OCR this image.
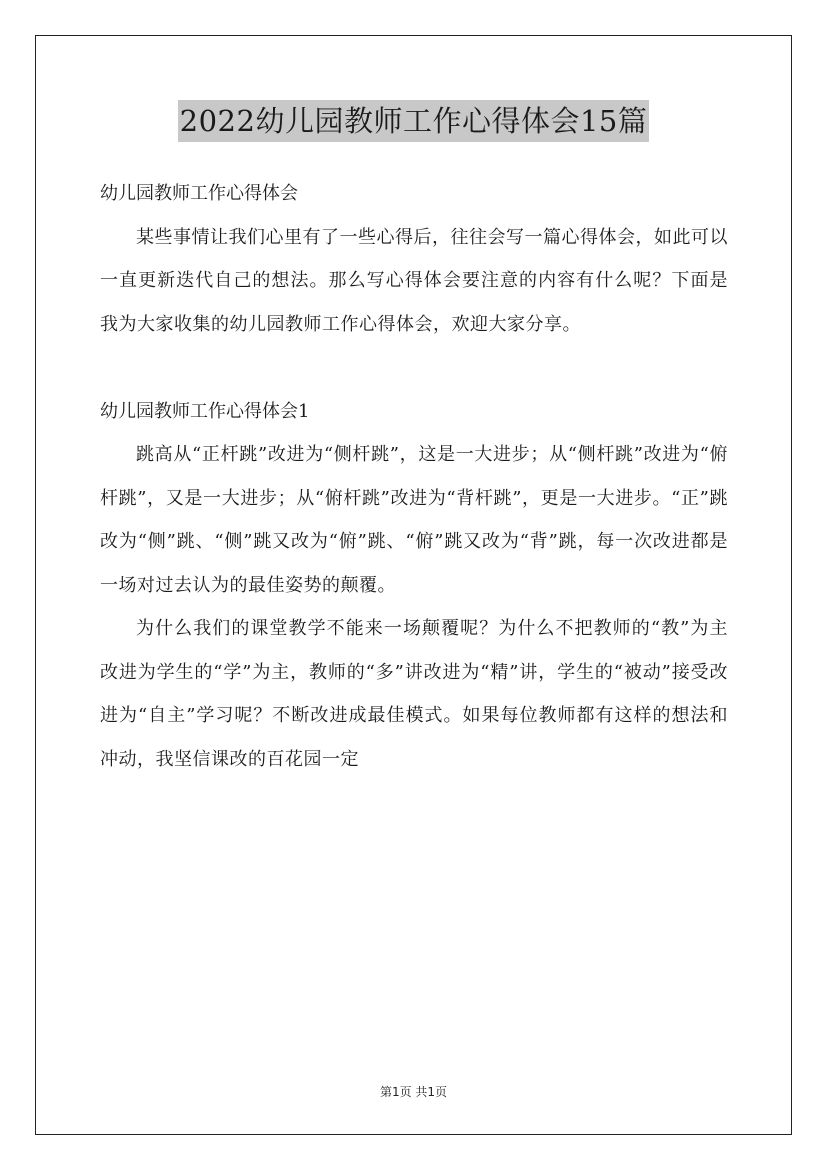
2022幼儿园教师工作心得体会15篇

幼儿园教师工作心得体会

某些事情让我们心里有了一些心得后，往往会写一篇心得体会，如此可以一直更新迭代自己的想法。那么写心得体会要注意的内容有什么呢？下面是我为大家收集的幼儿园教师工作心得体会，欢迎大家分享。

幼儿园教师工作心得体会1

跳高从“正杆跳”改进为“侧杆跳”，这是一大进步；从“侧杆跳”改进为“俯杆跳”，又是一大进步；从“俯杆跳”改进为“背杆跳”，更是一大进步。“正”跳改为“侧”跳、“侧”跳又改为“俯”跳、“俯”跳又改为“背”跳，每一次改进都是一场对过去认为的最佳姿势的颠覆。

为什么我们的课堂教学不能来一场颠覆呢？为什么不把教师的“教”为主改进为学生的“学”为主，教师的“多”讲改进为“精”讲，学生的“被动”接受改进为“自主”学习呢？不断改进成最佳模式。如果每位教师都有这样的想法和冲动，我坚信课改的百花园一定

第1页 共1页
